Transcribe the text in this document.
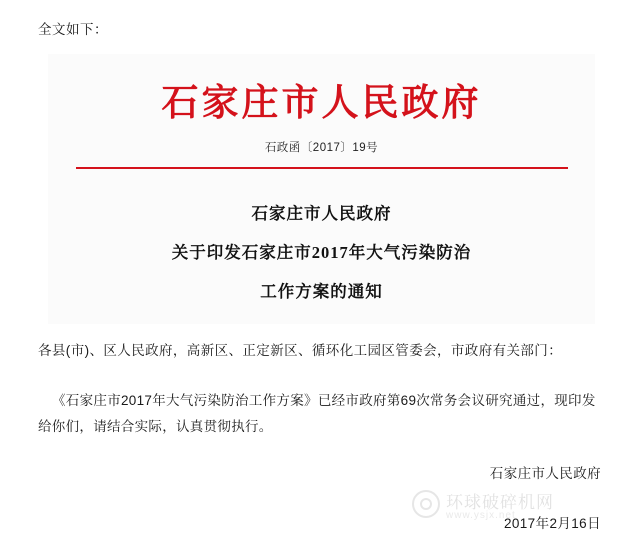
全文如下：
石家庄市人民政府
石政函〔2017〕19号
石家庄市人民政府
关于印发石家庄市2017年大气污染防治
工作方案的通知
各县(市)、区人民政府，高新区、正定新区、循环化工园区管委会，市政府有关部门：
《石家庄市2017年大气污染防治工作方案》已经市政府第69次常务会议研究通过，现印发给你们，请结合实际，认真贯彻执行。
石家庄市人民政府
2017年2月16日
环球破碎机网
www.ysjx.net
